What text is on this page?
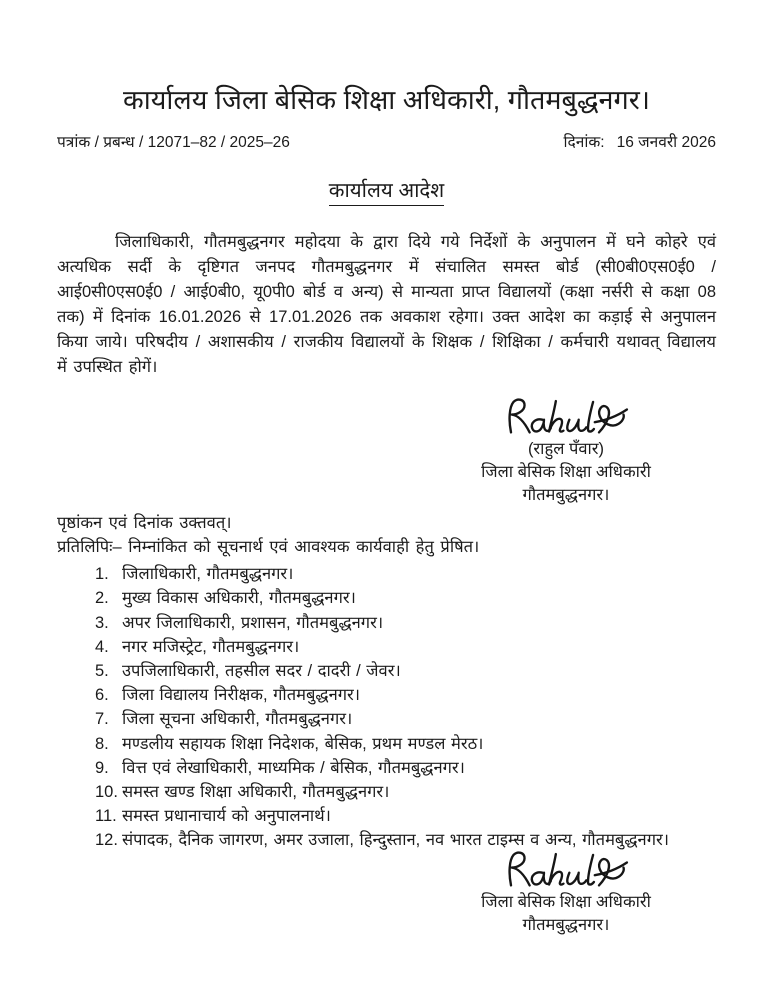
कार्यालय जिला बेसिक शिक्षा अधिकारी, गौतमबुद्धनगर।
पत्रांक / प्रबन्ध / 12071–82 / 2025–26	दिनांक: 16 जनवरी 2026
कार्यालय आदेश

जिलाधिकारी, गौतमबुद्धनगर महोदया के द्वारा दिये गये निर्देशों के अनुपालन में घने कोहरे एवं अत्यधिक सर्दी के दृष्टिगत जनपद गौतमबुद्धनगर में संचालित समस्त बोर्ड (सी0बी0एस0ई0 / आई0सी0एस0ई0 / आई0बी0, यू0पी0 बोर्ड व अन्य) से मान्यता प्राप्त विद्यालयों (कक्षा नर्सरी से कक्षा 08 तक) में दिनांक 16.01.2026 से 17.01.2026 तक अवकाश रहेगा। उक्त आदेश का कड़ाई से अनुपालन किया जाये। परिषदीय / अशासकीय / राजकीय विद्यालयों के शिक्षक / शिक्षिका / कर्मचारी यथावत् विद्यालय में उपस्थित होगें।

(राहुल पँवार)
जिला बेसिक शिक्षा अधिकारी
गौतमबुद्धनगर।
पृष्ठांकन एवं दिनांक उक्तवत्।
प्रतिलिपिः– निम्नांकित को सूचनार्थ एवं आवश्यक कार्यवाही हेतु प्रेषित।
1. जिलाधिकारी, गौतमबुद्धनगर।
2. मुख्य विकास अधिकारी, गौतमबुद्धनगर।
3. अपर जिलाधिकारी, प्रशासन, गौतमबुद्धनगर।
4. नगर मजिस्ट्रेट, गौतमबुद्धनगर।
5. उपजिलाधिकारी, तहसील सदर / दादरी / जेवर।
6. जिला विद्यालय निरीक्षक, गौतमबुद्धनगर।
7. जिला सूचना अधिकारी, गौतमबुद्धनगर।
8. मण्डलीय सहायक शिक्षा निदेशक, बेसिक, प्रथम मण्डल मेरठ।
9. वित्त एवं लेखाधिकारी, माध्यमिक / बेसिक, गौतमबुद्धनगर।
10. समस्त खण्ड शिक्षा अधिकारी, गौतमबुद्धनगर।
11. समस्त प्रधानाचार्य को अनुपालनार्थ।
12. संपादक, दैनिक जागरण, अमर उजाला, हिन्दुस्तान, नव भारत टाइम्स व अन्य, गौतमबुद्धनगर।
जिला बेसिक शिक्षा अधिकारी
गौतमबुद्धनगर।
